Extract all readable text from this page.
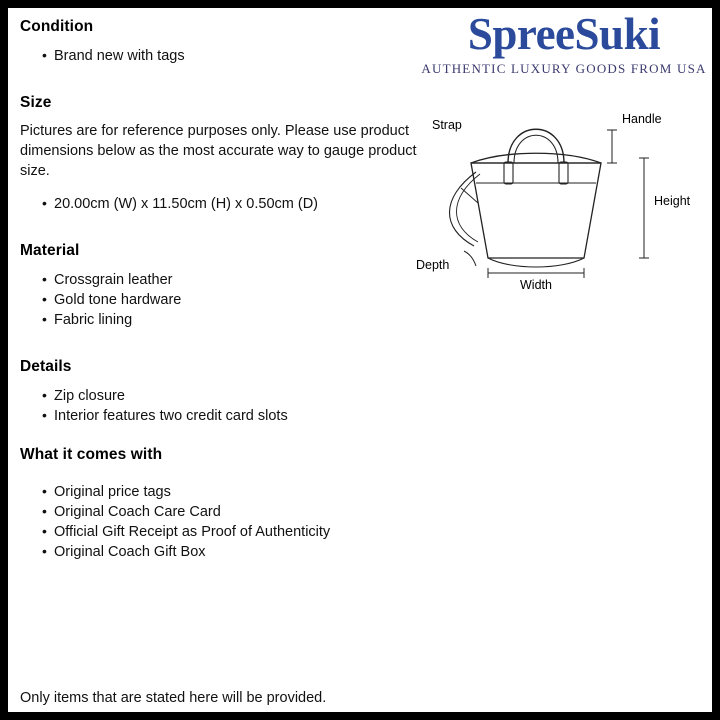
SpreeSuki
AUTHENTIC LUXURY GOODS FROM USA
Strap	Handle
Height
Depth
Width
Condition
• Brand new with tags
Size

Pictures are for reference purposes only. Please use product dimensions below as the most accurate way to gauge product size.

• 20.00cm (W) x 11.50cm (H) x 0.50cm (D)
Material
• Crossgrain leather
• Gold tone hardware
• Fabric lining
Details
• Zip closure
• Interior features two credit card slots
What it comes with
• Original price tags
• Original Coach Care Card
• Official Gift Receipt as Proof of Authenticity
• Original Coach Gift Box
Only items that are stated here will be provided.
